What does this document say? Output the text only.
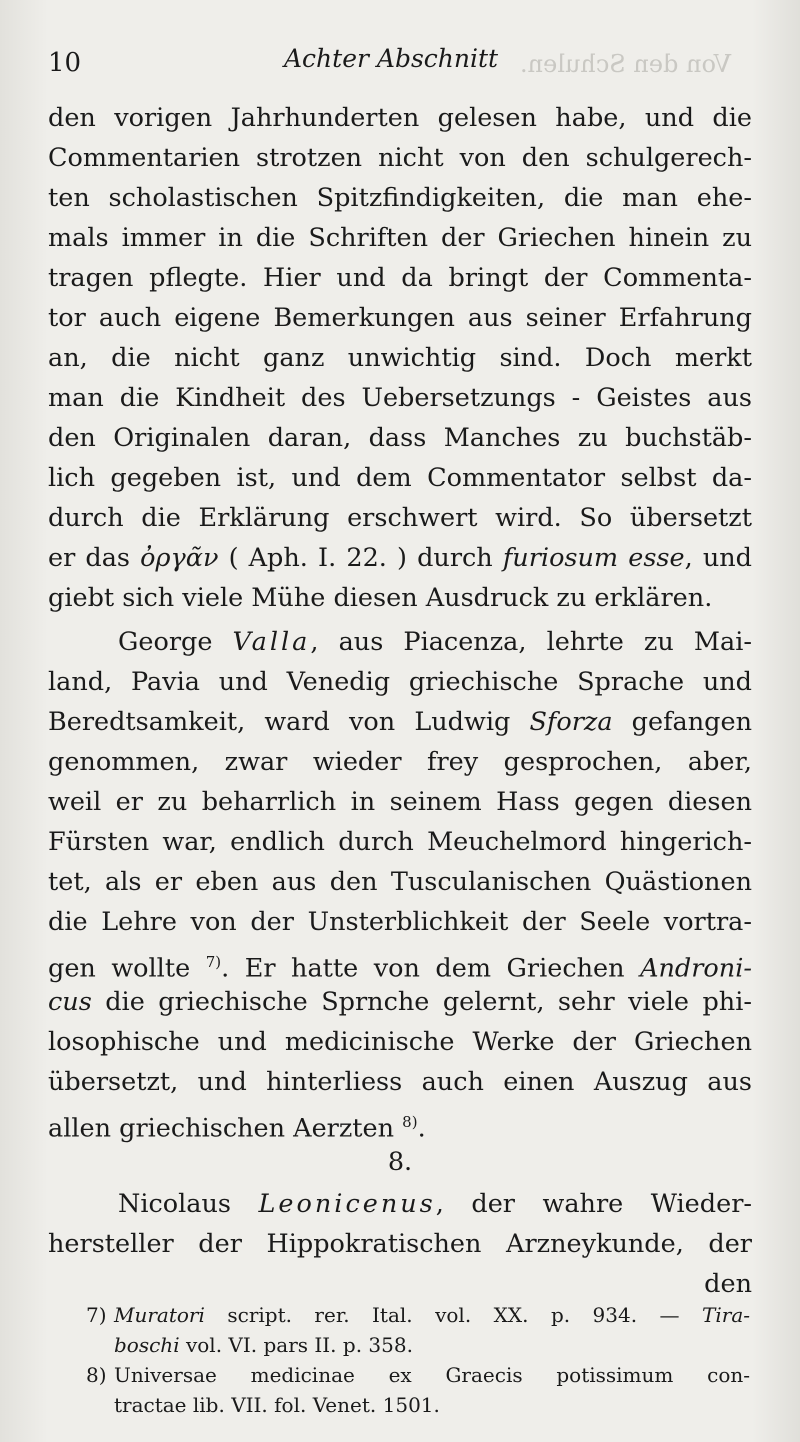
10	Achter Abschnitt Von den Schulen.
den vorigen Jahrhunderten gelesen habe, und die
Commentarien strotzen nicht von den schulgerech-
ten scholastischen Spitzfindigkeiten, die man ehe-
mals immer in die Schriften der Griechen hinein zu
tragen pflegte. Hier und da bringt der Commenta-
tor auch eigene Bemerkungen aus seiner Erfahrung
an, die nicht ganz unwichtig sind. Doch merkt
man die Kindheit des Uebersetzungs - Geistes aus
den Originalen daran, dass Manches zu buchstäb-
lich gegeben ist, und dem Commentator selbst da-
durch die Erklärung erschwert wird. So übersetzt
er das ὀργᾶν ( Aph. I. 22. ) durch furiosum esse, und
giebt sich viele Mühe diesen Ausdruck zu erklären.
George Valla, aus Piacenza, lehrte zu Mai-
land, Pavia und Venedig griechische Sprache und
Beredtsamkeit, ward von Ludwig Sforza gefangen
genommen, zwar wieder frey gesprochen, aber,
weil er zu beharrlich in seinem Hass gegen diesen
Fürsten war, endlich durch Meuchelmord hingerich-
tet, als er eben aus den Tusculanischen Quästionen
die Lehre von der Unsterblichkeit der Seele vortra-
gen wollte $^{7)}$. Er hatte von dem Griechen Androni-
cus die griechische Sprnche gelernt, sehr viele phi-
losophische und medicinische Werke der Griechen
übersetzt, und hinterliess auch einen Auszug aus
allen griechischen Aerzten $^{8)}$.
8.
Nicolaus Leonicenus, der wahre Wieder-
hersteller der Hippokratischen Arzneykunde, der
den
7) Muratori script. rer. Ital. vol. XX. p. 934. — Tira-
boschi vol. VI. pars II. p. 358.
8) Universae medicinae ex Graecis potissimum con-
tractae lib. VII. fol. Venet. 1501.
